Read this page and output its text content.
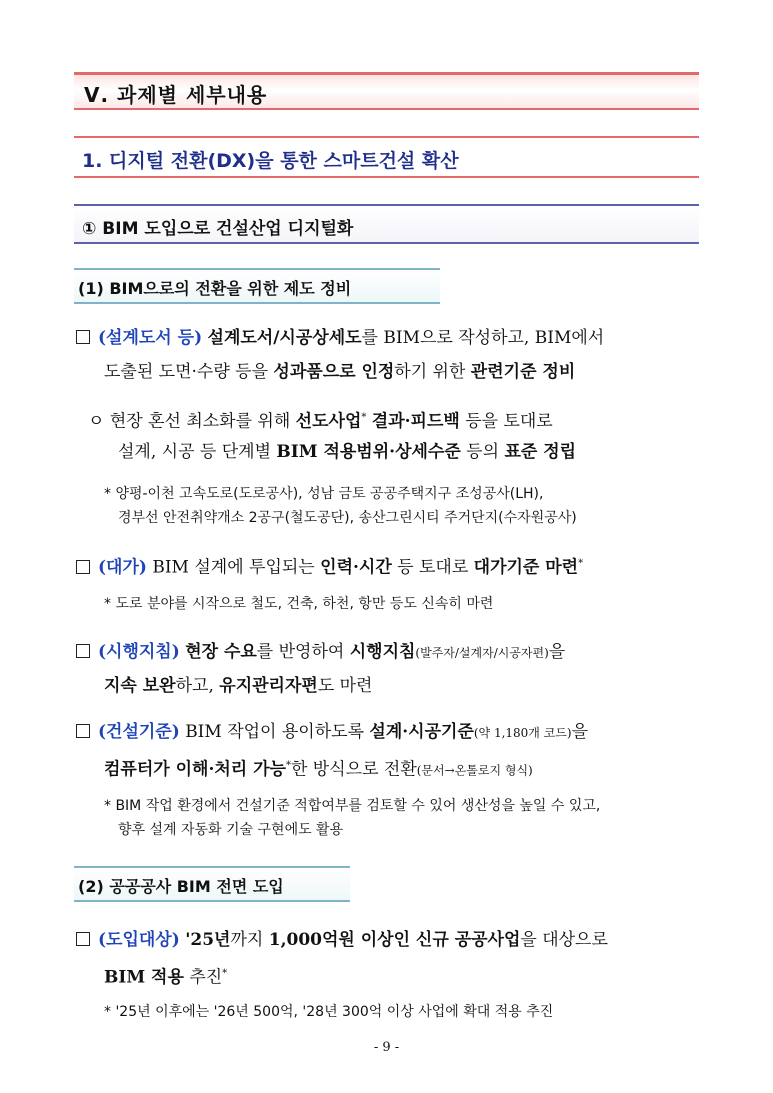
Ⅴ. 과제별 세부내용
1. 디지털 전환(DX)을 통한 스마트건설 확산
① BIM 도입으로 건설산업 디지털화
(1) BIM으로의 전환을 위한 제도 정비
(설계도서 등) 설계도서/시공상세도를 BIM으로 작성하고, BIM에서
도출된 도면·수량 등을 성과품으로 인정하기 위한 관련기준 정비
ㅇ 현장 혼선 최소화를 위해 선도사업* 결과·피드백 등을 토대로
설계, 시공 등 단계별 BIM 적용범위·상세수준 등의 표준 정립
* 양평-이천 고속도로(도로공사), 성남 금토 공공주택지구 조성공사(LH),
경부선 안전취약개소 2공구(철도공단), 송산그린시티 주거단지(수자원공사)
(대가) BIM 설계에 투입되는 인력·시간 등 토대로 대가기준 마련*
* 도로 분야를 시작으로 철도, 건축, 하천, 항만 등도 신속히 마련
(시행지침) 현장 수요를 반영하여 시행지침(발주자/설계자/시공자편)을
지속 보완하고, 유지관리자편도 마련
(건설기준) BIM 작업이 용이하도록 설계·시공기준(약 1,180개 코드)을
컴퓨터가 이해·처리 가능*한 방식으로 전환(문서→온톨로지 형식)
* BIM 작업 환경에서 건설기준 적합여부를 검토할 수 있어 생산성을 높일 수 있고,
향후 설계 자동화 기술 구현에도 활용
(2) 공공공사 BIM 전면 도입
(도입대상) '25년까지 1,000억원 이상인 신규 공공사업을 대상으로
BIM 적용 추진*
* '25년 이후에는 '26년 500억, '28년 300억 이상 사업에 확대 적용 추진
- 9 -
